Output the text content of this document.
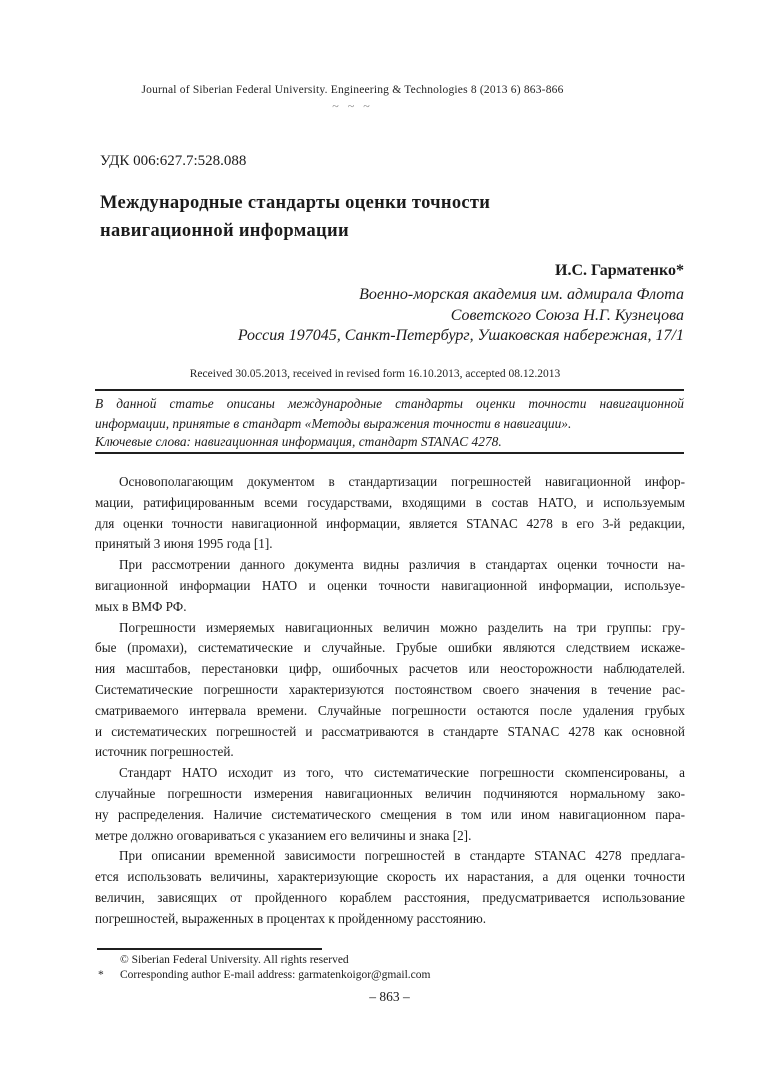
Journal of Siberian Federal University. Engineering & Technologies 8 (2013 6) 863-866
~ ~ ~
УДК 006:627.7:528.088
Международные стандарты оценки точности
навигационной информации
И.С. Гарматенко*
Военно-морская академия им. адмирала Флота
Советского Союза Н.Г. Кузнецова
Россия 197045, Санкт-Петербург, Ушаковская набережная, 17/1
Received 30.05.2013, received in revised form 16.10.2013, accepted 08.12.2013
В данной статье описаны международные стандарты оценки точности навигационной
информации, принятые в стандарт «Методы выражения точности в навигации».
Ключевые слова: навигационная информация, стандарт STANAC 4278.
Основополагающим документом в стандартизации погрешностей навигационной инфор-
мации, ратифицированным всеми государствами, входящими в состав НАТО, и используемым
для оценки точности навигационной информации, является STANAC 4278 в его 3-й редакции,
принятый 3 июня 1995 года [1].
При рассмотрении данного документа видны различия в стандартах оценки точности на-
вигационной информации НАТО и оценки точности навигационной информации, используе-
мых в ВМФ РФ.
Погрешности измеряемых навигационных величин можно разделить на три группы: гру-
бые (промахи), систематические и случайные. Грубые ошибки являются следствием искаже-
ния масштабов, перестановки цифр, ошибочных расчетов или неосторожности наблюдателей.
Систематические погрешности характеризуются постоянством своего значения в течение рас-
сматриваемого интервала времени. Случайные погрешности остаются после удаления грубых
и систематических погрешностей и рассматриваются в стандарте STANAC 4278 как основной
источник погрешностей.
Стандарт НАТО исходит из того, что систематические погрешности скомпенсированы, а
случайные погрешности измерения навигационных величин подчиняются нормальному зако-
ну распределения. Наличие систематического смещения в том или ином навигационном пара-
метре должно оговариваться с указанием его величины и знака [2].
При описании временной зависимости погрешностей в стандарте STANAC 4278 предлага-
ется использовать величины, характеризующие скорость их нарастания, а для оценки точности
величин, зависящих от пройденного кораблем расстояния, предусматривается использование
погрешностей, выраженных в процентах к пройденному расстоянию.
© Siberian Federal University. All rights reserved
*	Corresponding author E-mail address: garmatenkoigor@gmail.com
– 863 –
